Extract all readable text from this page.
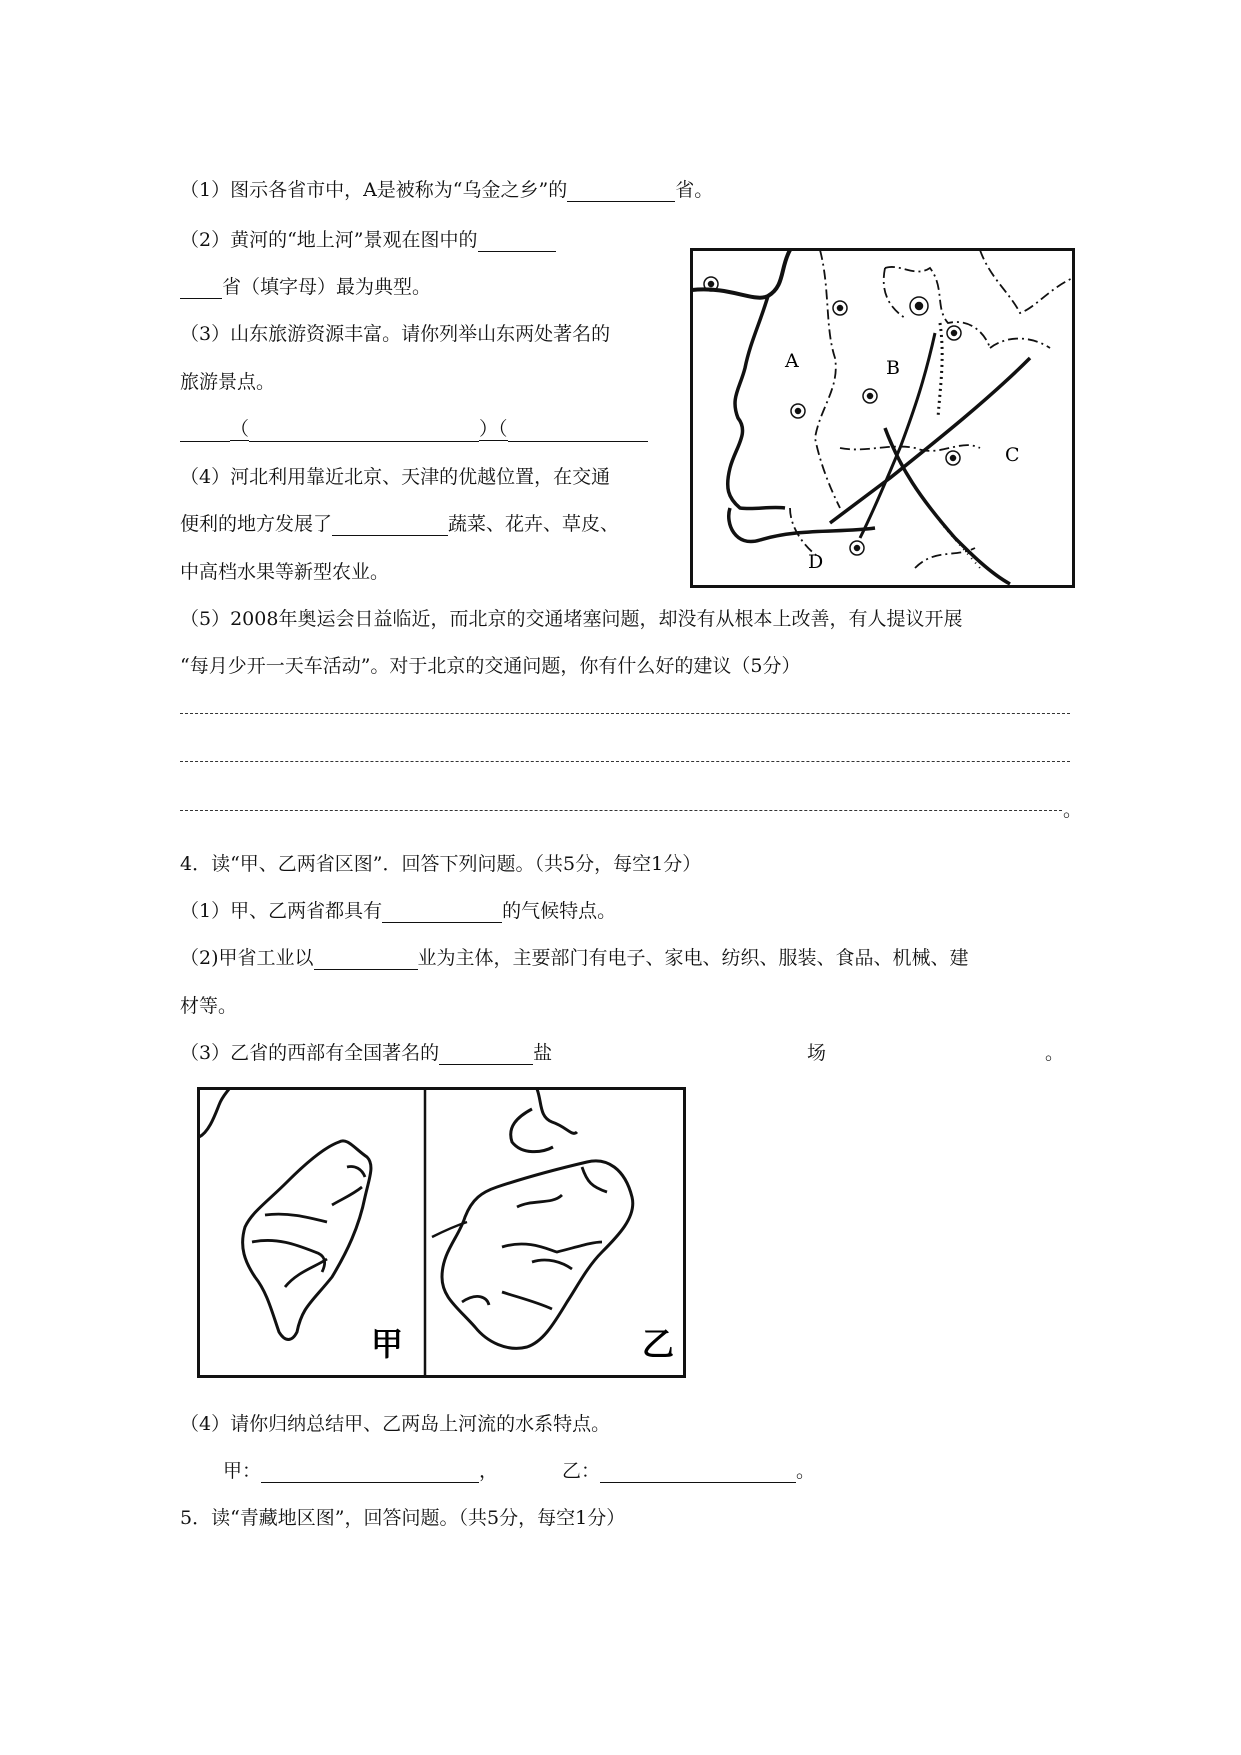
（1）图示各省市中，A是被称为“乌金之乡”的	省。
（2）黄河的“地上河”景观在图中的
省（填字母）最为典型。
（3）山东旅游资源丰富。请你列举山东两处著名的
旅游景点。
（	）（
（4）河北利用靠近北京、天津的优越位置，在交通
便利的地方发展了	蔬菜、花卉、草皮、
中高档水果等新型农业。
（5）2008年奥运会日益临近，而北京的交通堵塞问题，却没有从根本上改善，有人提议开展
“每月少开一天车活动”。对于北京的交通问题，你有什么好的建议（5分）
。
A	B
C
D
4．读“甲、乙两省区图”．回答下列问题。（共5分，每空1分）
（1）甲、乙两省都具有	的气候特点。
（2)甲省工业以	业为主体，主要部门有电子、家电、纺织、服装、食品、机械、建
材等。
（3）乙省的西部有全国著名的	盐	场	。
甲	乙
（4）请你归纳总结甲、乙两岛上河流的水系特点。
甲：	，	乙：	。
5．读“青藏地区图”，回答问题。（共5分，每空1分）
